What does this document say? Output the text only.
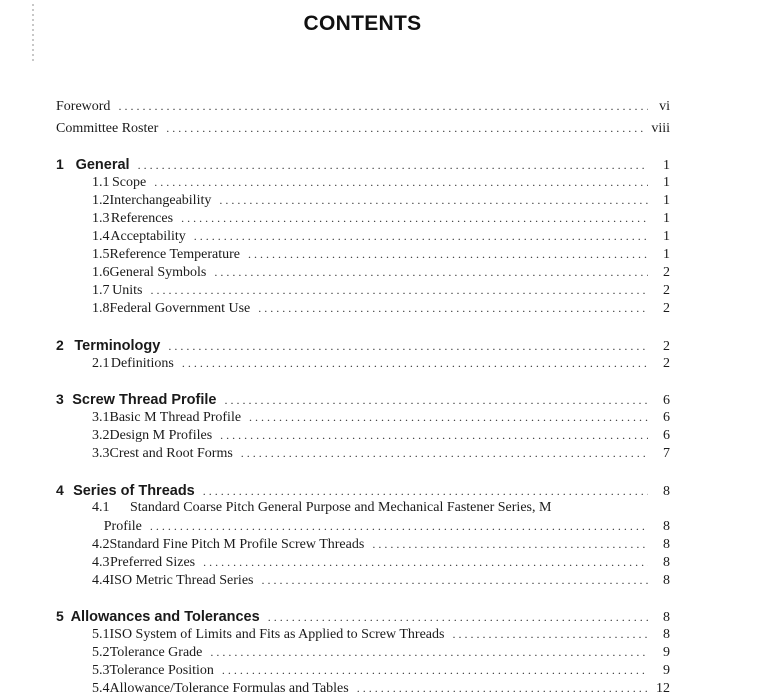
CONTENTS
Foreword . . .	vi
Committee Roster . . .	viii
1 General . . .	1
1.1 Scope . . .	1
1.2 Interchangeability . . .	1
1.3 References . . .	1
1.4 Acceptability . . .	1
1.5 Reference Temperature . . .	1
1.6 General Symbols . . .	2
1.7 Units . . .	2
1.8 Federal Government Use . . .	2
2 Terminology . . .	2
2.1 Definitions . . .	2
3 Screw Thread Profile . . .	6
3.1 Basic M Thread Profile . . .	6
3.2 Design M Profiles . . .	6
3.3 Crest and Root Forms . . .	7
4 Series of Threads . . .	8
4.1	Standard Coarse Pitch General Purpose and Mechanical Fastener Series, M
Profile . . .	8
4.2 Standard Fine Pitch M Profile Screw Threads . . .	8
4.3 Preferred Sizes . . .	8
4.4 ISO Metric Thread Series . . .	8
5 Allowances and Tolerances . . .	8
5.1 ISO System of Limits and Fits as Applied to Screw Threads . . .	8
5.2 Tolerance Grade . . .	9
5.3 Tolerance Position . . .	9
5.4 Allowance/Tolerance Formulas and Tables . . .	12
